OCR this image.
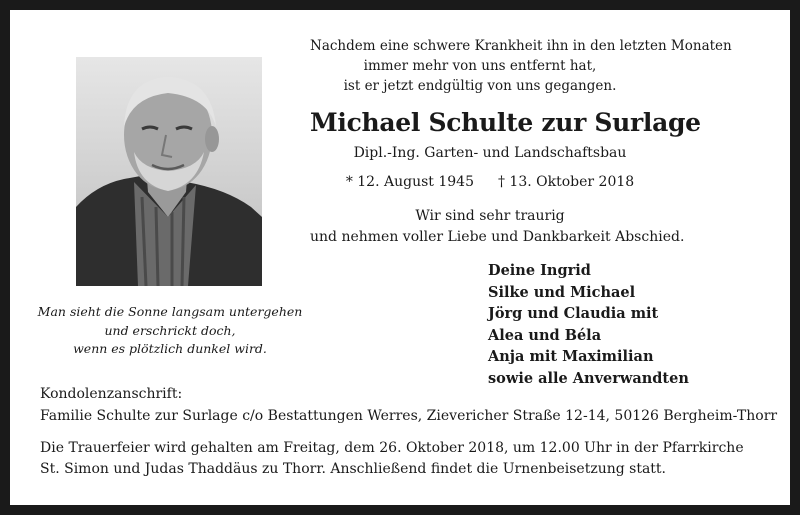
Man sieht die Sonne langsam untergehen
und erschrickt doch,
wenn es plötzlich dunkel wird.
Nachdem eine schwere Krankheit ihn in den letzten Monaten
immer mehr von uns entfernt hat,
ist er jetzt endgültig von uns gegangen.
Michael Schulte zur Surlage
Dipl.-Ing. Garten- und Landschaftsbau
* 12. August 1945 † 13. Oktober 2018
Wir sind sehr traurig
und nehmen voller Liebe und Dankbarkeit Abschied.
Deine Ingrid
Silke und Michael
Jörg und Claudia mit
Alea und Béla
Anja mit Maximilian
sowie alle Anverwandten
Kondolenzanschrift:
Familie Schulte zur Surlage c/o Bestattungen Werres, Zievericher Straße 12-14, 50126 Bergheim-Thorr
Die Trauerfeier wird gehalten am Freitag, dem 26. Oktober 2018, um 12.00 Uhr in der Pfarrkirche
St. Simon und Judas Thaddäus zu Thorr. Anschließend findet die Urnenbeisetzung statt.
